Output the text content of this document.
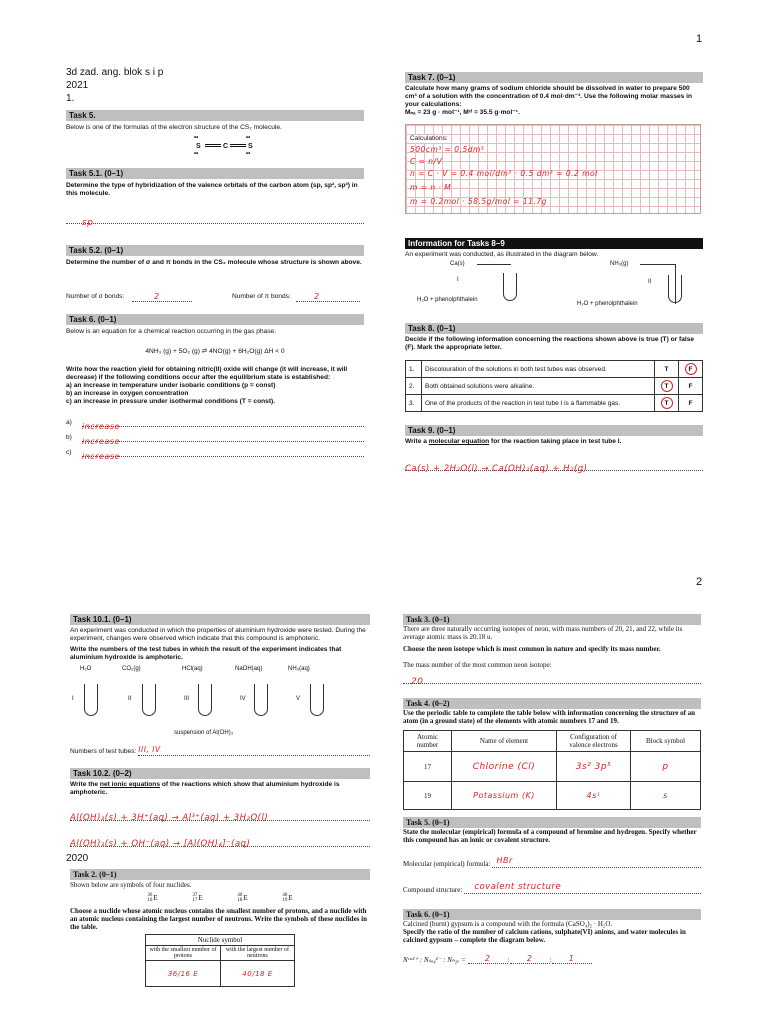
1
3d zad. ang. blok s i p
2021
1.
Task 5.
Below is one of the formulas of the electron structure of the CS₂ molecule.
S
••
••
C	S
••
••
Task 5.1. (0–1)
Determine the type of hybridization of the valence orbitals of the carbon atom (sp, sp², sp³) in this molecule.
sp
Task 5.2. (0–1)
Determine the number of σ and π bonds in the CS₂ molecule whose structure is shown above.
Number of σ bonds:	2	Number of π bonds:	2
Task 6. (0–1)
Below is an equation for a chemical reaction occurring in the gas phase.
4NH₃ (g) + 5O₂ (g) ⇄ 4NO(g) + 6H₂O(g) ΔH < 0
Write how the reaction yield for obtaining nitric(II) oxide will change (it will increase, it will decrease) if the following conditions occur after the equilibrium state is established:
a) an increase in temperature under isobaric conditions (p = const)
b) an increase in oxygen concentration
c) an increase in pressure under isothermal conditions (T = const).
a)	increase
b)	increase
c)	increase
Task 7. (0–1)
Calculate how many grams of sodium chloride should be dissolved in water to prepare 500 cm³ of a solution with the concentration of 0.4 mol·dm⁻³. Use the following molar masses in your calculations:
Mₙₐ = 23 g · mol⁻¹, Mᶜˡ = 35.5 g·mol⁻¹.
Calculations:
500cm³ = 0,5dm³
C = n/V
n = C · V = 0.4 mol/dm³ · 0.5 dm³ = 0.2 mol
m = n · M
m = 0.2mol · 58.5g/mol = 11.7g
Information for Tasks 8–9
An experiment was conducted, as illustrated in the diagram below.
Ca(s)
I
H₂O + phenolphthalein
NH₃(g)
II
H₂O + phenolphthalein
Task 8. (0–1)
Decide if the following information concerning the reactions shown above is true (T) or false (F). Mark the appropriate letter.
1.	Discolouration of the solutions in both test tubes was observed.	T	F
2.	Both obtained solutions were alkaline.	T	F
3.	One of the products of the reaction in test tube I is a flammable gas.	T	F
Task 9. (0–1)
Write a molecular equation for the reaction taking place in test tube I.
Ca(s) + 2H₂O(l) → Ca(OH)₂(aq) + H₂(g)
2
Task 10.1. (0–1)
An experiment was conducted in which the properties of aluminium hydroxide were tested. During the experiment, changes were observed which indicate that this compound is amphoteric.
Write the numbers of the test tubes in which the result of the experiment indicates that aluminium hydroxide is amphoteric.
H₂O	CO₂(g)	HCl(aq)	NaOH(aq)	NH₃(aq)
I	II	III	IV	V
suspension of Al(OH)₃
Numbers of test tubes: III, IV
Task 10.2. (0–2)
Write the net ionic equations of the reactions which show that aluminium hydroxide is amphoteric.
Al(OH)₃(s) + 3H⁺(aq) → Al³⁺(aq) + 3H₂O(l)
Al(OH)₃(s) + OH⁻(aq) → [Al(OH)₄]⁻(aq)
2020
Task 2. (0–1)
Shown below are symbols of four nuclides.
36
16 E	37
17 E	40
18 E	40
19 E
Choose a nuclide whose atomic nucleus contains the smallest number of protons, and a nuclide with an atomic nucleus containing the largest number of neutrons. Write the symbols of these nuclides in the table.
Nuclide symbol	
with the smallest number of protons	with the largest number of neutrons
36/16 E	40/18 E
Task 3. (0–1)
There are three naturally occurring isotopes of neon, with mass numbers of 20, 21, and 22, while its average atomic mass is 20.18 u.
Choose the neon isotope which is most common in nature and specify its mass number.
The mass number of the most common neon isotope:
20
Task 4. (0–2)
Use the periodic table to complete the table below with information concerning the structure of an atom (in a ground state) of the elements with atomic numbers 17 and 19.
Atomic number	Name of element	Configuration of valence electrons	Block symbol
17	Chlorine (Cl)	3s² 3p⁵	p
19	Potassium (K)	4s¹	s
Task 5. (0–1)
State the molecular (empirical) formula of a compound of bromine and hydrogen. Specify whether this compound has an ionic or covalent structure.
Molecular (empirical) formula: HBr
Compound structure:	covalent structure
Task 6. (0–1)
Calcined (burnt) gypsum is a compound with the formula (CaSO₄)₂ · H₂O.
Specify the ratio of the number of calcium cations, sulphate(VI) anions, and water molecules in calcined gypsum – complete the diagram below.
Nᶜᵃ²⁺ : Nₛₒ₄²⁻ : Nₕ₂ₒ =	2	:	2	:	1
